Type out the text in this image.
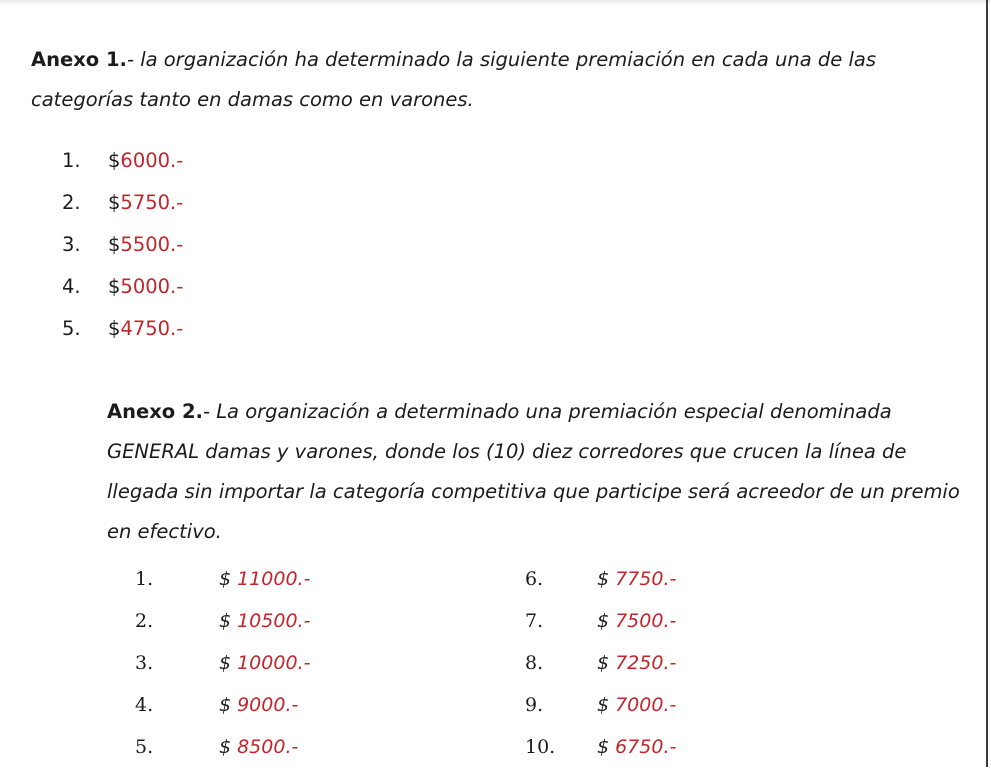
Anexo 1.- la organización ha determinado la siguiente premiación en cada una de las categorías tanto en damas como en varones.

1. $6000.-
2. $5750.-
3. $5500.-
4. $5000.-
5. $4750.-

Anexo 2.- La organización a determinado una premiación especial denominada GENERAL damas y varones, donde los (10) diez corredores que crucen la línea de llegada sin importar la categoría competitiva que participe será acreedor de un premio en efectivo.

1.	$ 11000.-
2.	$ 10500.-
3.	$ 10000.-
4.	$ 9000.-
5.	$ 8500.-
6.	$ 7750.-
7.	$ 7500.-
8.	$ 7250.-
9.	$ 7000.-
10. $ 6750.-
